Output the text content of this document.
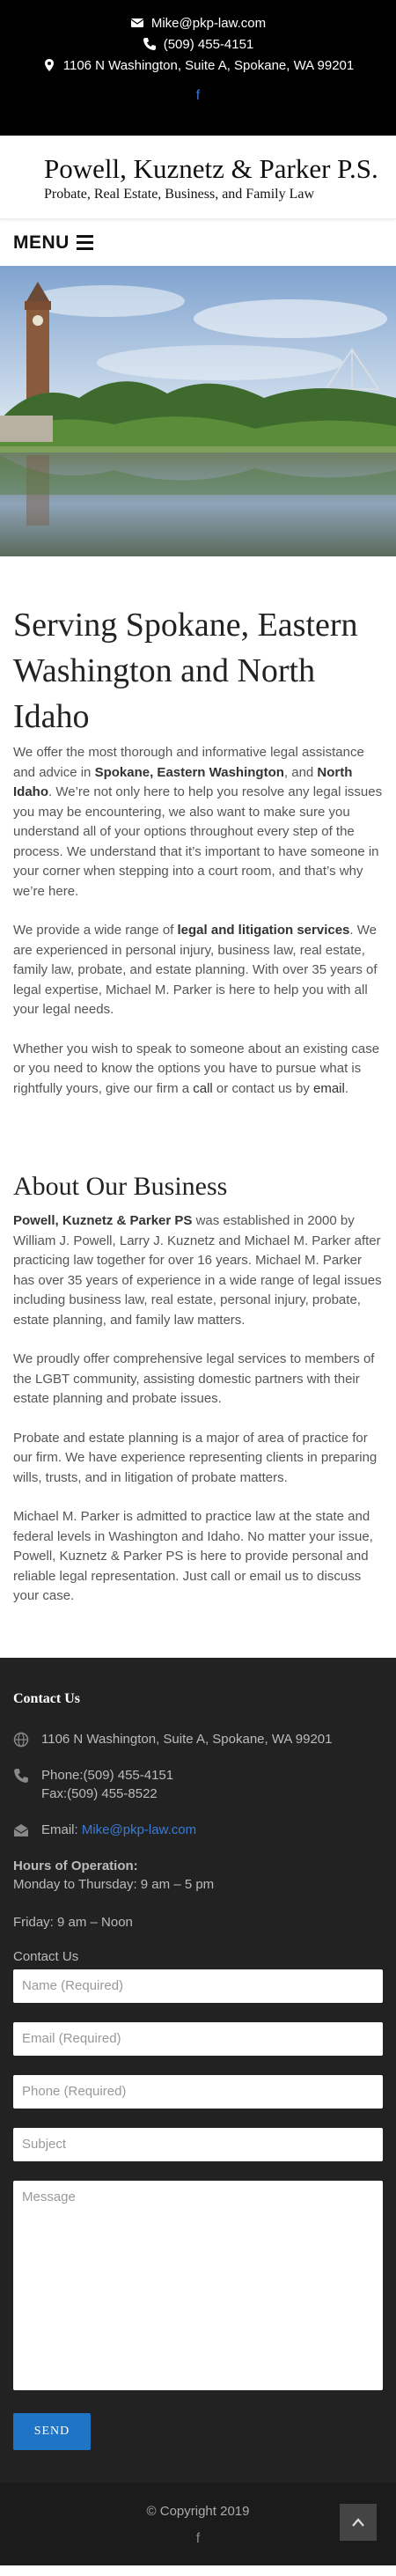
Mike@pkp-law.com
(509) 455-4151
1106 N Washington, Suite A, Spokane, WA 99201
f
Powell, Kuznetz & Parker P.S.
Probate, Real Estate, Business, and Family Law
MENU
Serving Spokane, Eastern Washington and North Idaho

We offer the most thorough and informative legal assistance and advice in Spokane, Eastern Washington, and North Idaho. We’re not only here to help you resolve any legal issues you may be encountering, we also want to make sure you understand all of your options throughout every step of the process. We understand that it’s important to have someone in your corner when stepping into a court room, and that’s why we’re here.

We provide a wide range of legal and litigation services. We are experienced in personal injury, business law, real estate, family law, probate, and estate planning. With over 35 years of legal expertise, Michael M. Parker is here to help you with all your legal needs.

Whether you wish to speak to someone about an existing case or you need to know the options you have to pursue what is rightfully yours, give our firm a call or contact us by email.

About Our Business

Powell, Kuznetz & Parker PS was established in 2000 by William J. Powell, Larry J. Kuznetz and Michael M. Parker after practicing law together for over 16 years. Michael M. Parker has over 35 years of experience in a wide range of legal issues including business law, real estate, personal injury, probate, estate planning, and family law matters.

We proudly offer comprehensive legal services to members of the LGBT community, assisting domestic partners with their estate planning and probate issues.

Probate and estate planning is a major of area of practice for our firm. We have experience representing clients in preparing wills, trusts, and in litigation of probate matters.

Michael M. Parker is admitted to practice law at the state and federal levels in Washington and Idaho. No matter your issue, Powell, Kuznetz & Parker PS is here to provide personal and reliable legal representation. Just call or email us to discuss your case.

Contact Us
1106 N Washington, Suite A, Spokane, WA 99201
Phone:(509) 455-4151
Fax:(509) 455-8522
Email: Mike@pkp-law.com
Hours of Operation:

Monday to Thursday: 9 am – 5 pm

Friday: 9 am – Noon

Contact Us
Name (Required)
Email (Required)
Phone (Required)
Subject
Message SEND
© Copyright 2019
f
